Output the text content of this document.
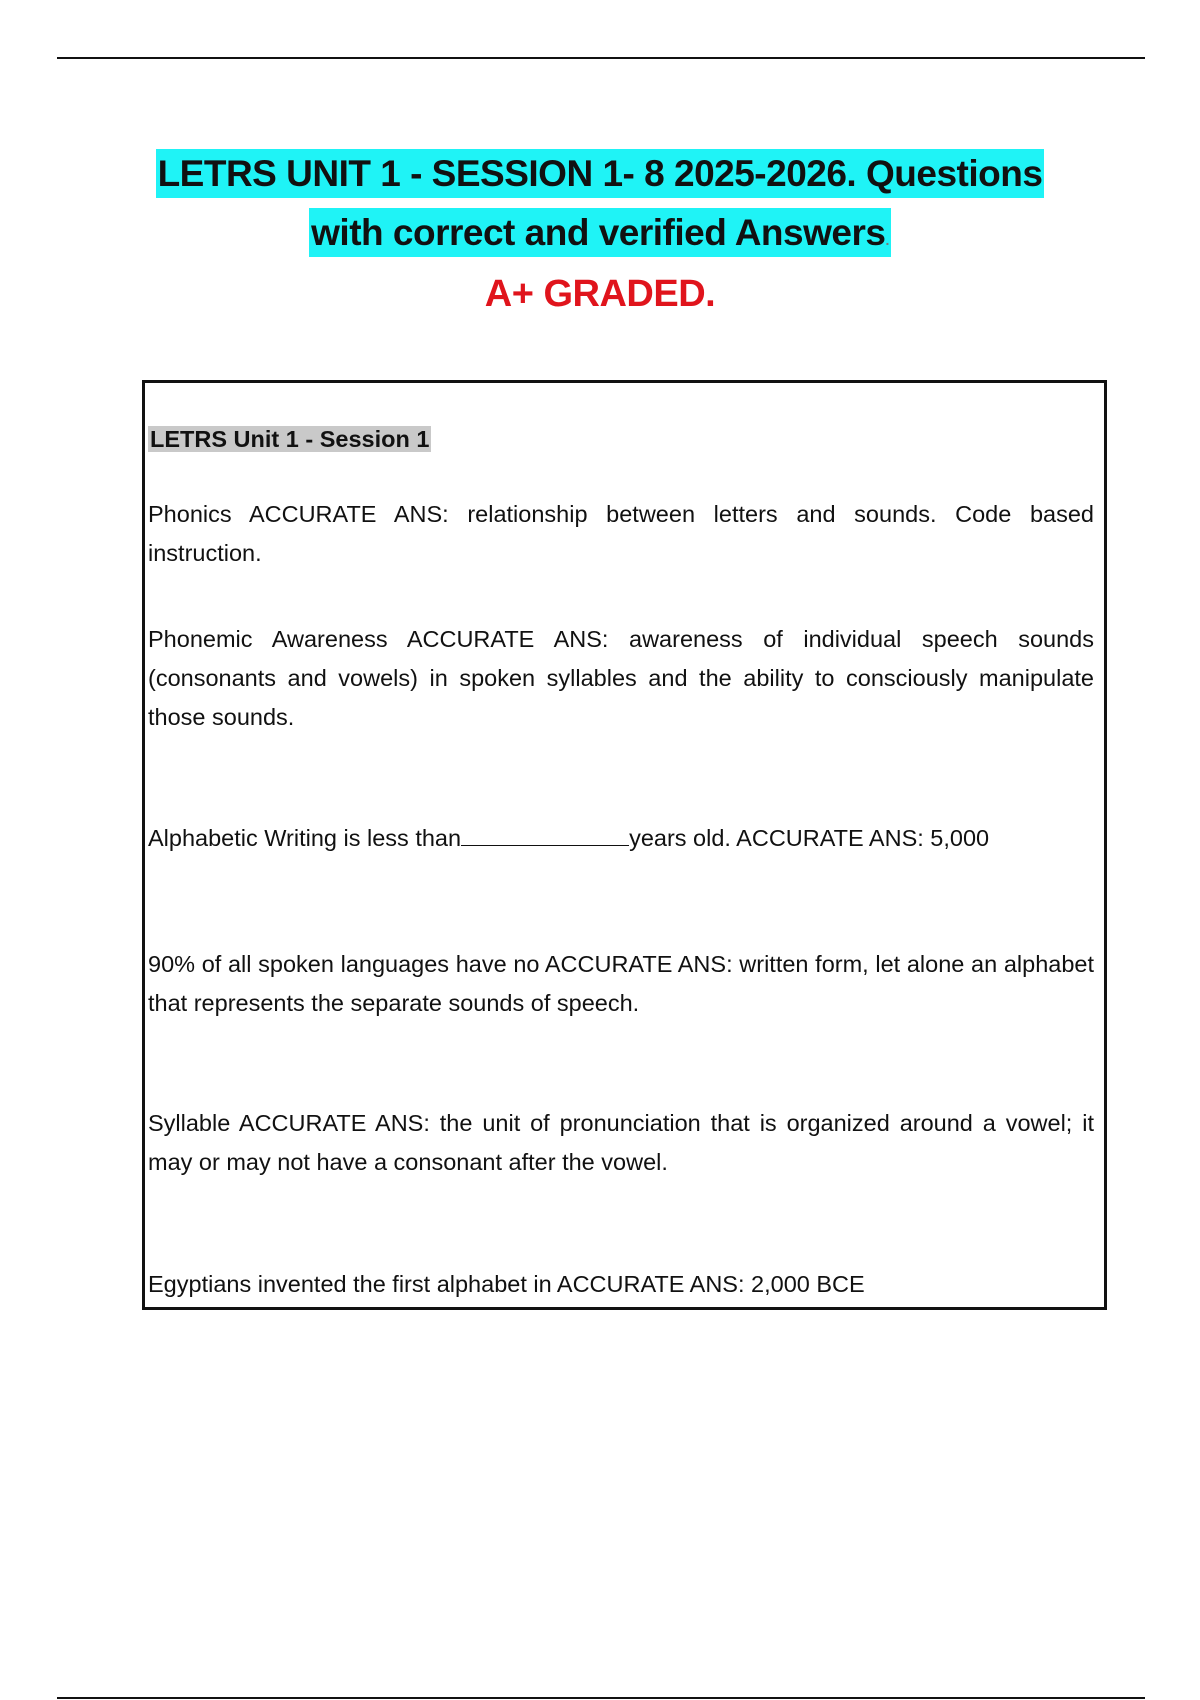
LETRS UNIT 1 - SESSION 1- 8 2025-2026. Questions
with correct and verified Answers.
A+ GRADED.
LETRS Unit 1 - Session 1
Phonics ACCURATE ANS: relationship between letters and sounds. Code based instruction.
Phonemic Awareness ACCURATE ANS: awareness of individual speech sounds (consonants and vowels) in spoken syllables and the ability to consciously manipulate those sounds.
Alphabetic Writing is less than	years old. ACCURATE ANS: 5,000
90% of all spoken languages have no ACCURATE ANS: written form, let alone an alphabet that represents the separate sounds of speech.
Syllable ACCURATE ANS: the unit of pronunciation that is organized around a vowel; it may or may not have a consonant after the vowel.
Egyptians invented the first alphabet in ACCURATE ANS: 2,000 BCE
